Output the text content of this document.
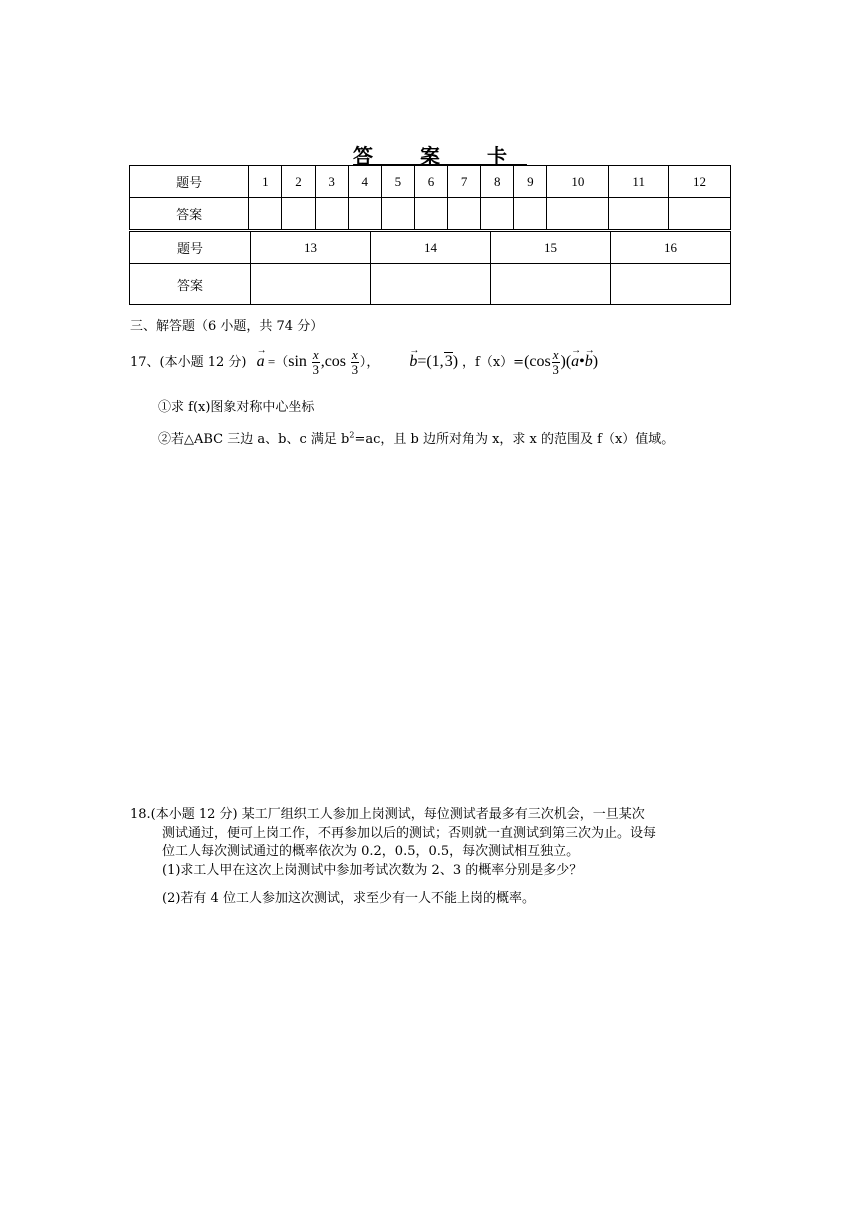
答 案 卡
题号	1	2	3	4	5	6	7	8	9	10	11	12
答案												
题号	13	14	15	16
答案				
三、解答题（6 小题，共 74 分）
17、(本小题 12 分) → $a =(\sin \frac{x}{3} ,\cos \frac{x}{3}$ ）， → b=(1,3) ，$f(x)=(\cos \frac{x}{3}$ )(→ a•→ b)
①求 f(x)图象对称中心坐标
②若△ABC 三边 a、b、c 满足 $b^2=ac$，且 b 边所对角为 x，求 x 的范围及 f（x）值域。
18.(本小题 12 分) 某工厂组织工人参加上岗测试，每位测试者最多有三次机会，一旦某次
测试通过，便可上岗工作，不再参加以后的测试；否则就一直测试到第三次为止。设每
位工人每次测试通过的概率依次为 0.2，0.5，0.5，每次测试相互独立。
(1)求工人甲在这次上岗测试中参加考试次数为 2、3 的概率分别是多少？
(2)若有 4 位工人参加这次测试，求至少有一人不能上岗的概率。
